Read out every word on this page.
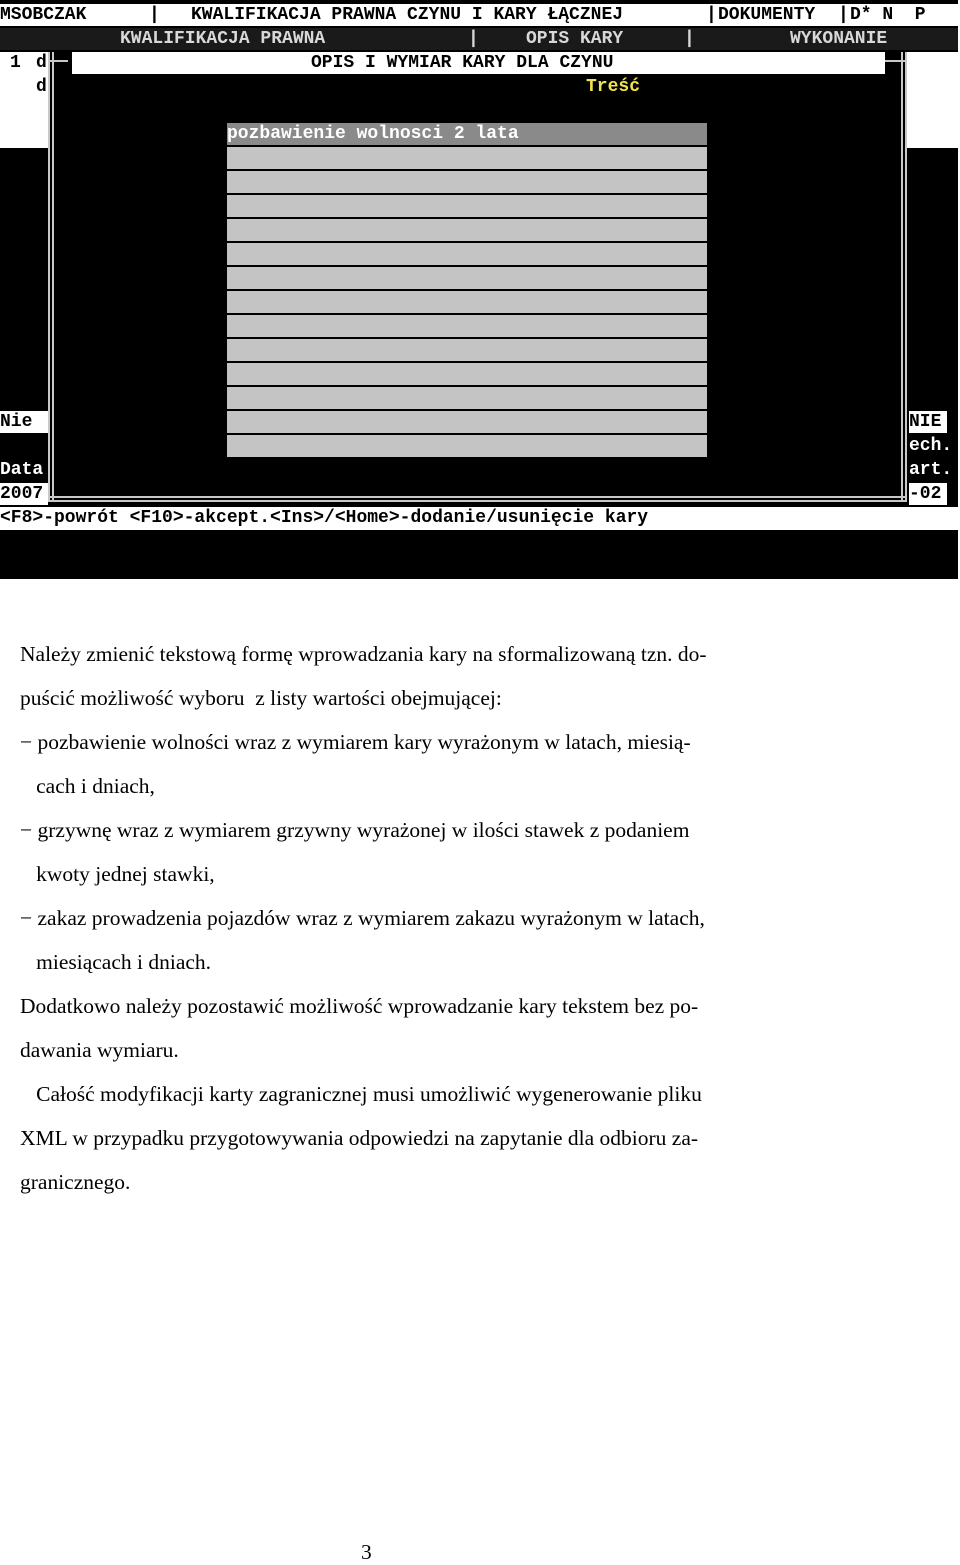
MSOBCZAK	| KWALIFIKACJA PRAWNA CZYNU I KARY ŁĄCZNEJ	| DOKUMENTY | D* N  P
KWALIFIKACJA PRAWNA	|	OPIS KARY	|	WYKONANIE
1 d
d
OPIS I WYMIAR KARY DLA CZYNU
Treść
pozbawienie wolnosci 2 lata
Nie
Data
2007
NIE
ech.
art.
-02
<F8>-powrót <F10>-akcept.<Ins>/<Home>-dodanie/usunięcie kary
Należy zmienić tekstową formę wprowadzania kary na sformalizowaną tzn. do-
puścić możliwość wyboru  z listy wartości obejmującej:
− pozbawienie wolności wraz z wymiarem kary wyrażonym w latach, miesią-
cach i dniach,
− grzywnę wraz z wymiarem grzywny wyrażonej w ilości stawek z podaniem
kwoty jednej stawki,
− zakaz prowadzenia pojazdów wraz z wymiarem zakazu wyrażonym w latach,
miesiącach i dniach.
Dodatkowo należy pozostawić możliwość wprowadzanie kary tekstem bez po-
dawania wymiaru.
Całość modyfikacji karty zagranicznej musi umożliwić wygenerowanie pliku
XML w przypadku przygotowywania odpowiedzi na zapytanie dla odbioru za-
granicznego.
3
